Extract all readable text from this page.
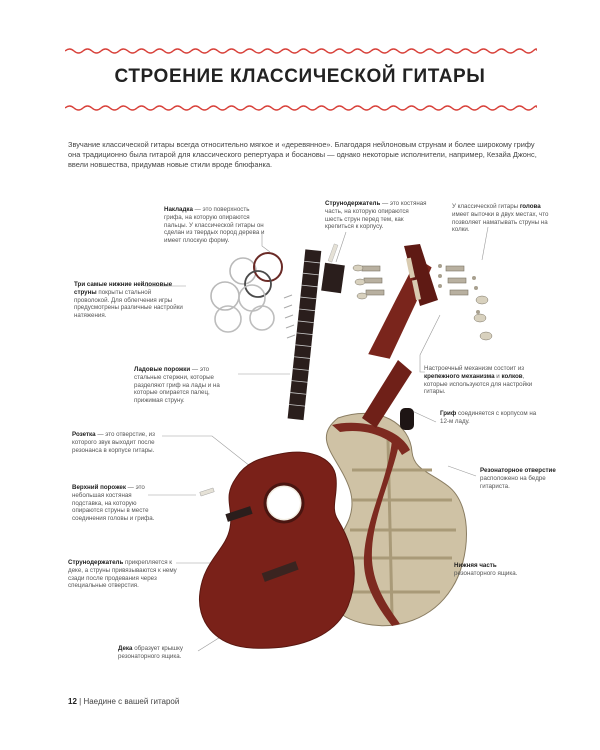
СТРОЕНИЕ КЛАССИЧЕСКОЙ ГИТАРЫ

Звучание классической гитары всегда относительно мягкое и «деревянное». Благодаря нейлоновым струнам и более широкому грифу она традиционно была гитарой для классического репертуара и босановы — однако некоторые исполнители, например, Кезайа Джонс, ввели новшества, придумав новые стили вроде блюфанка.

Накладка — это поверхность грифа, на которую опираются пальцы. У классической гитары он сделан из твердых пород дерева и имеет плоскую форму.

Струнодержатель — это костяная часть, на которую опираются шесть струн перед тем, как крепиться к корпусу.

У классической гитары голова имеет выточки в двух местах, что позволяет наматывать струны на колки.

Три самые нижние нейлоновые струны покрыты стальной проволокой. Для облегчения игры предусмотрены различные настройки натяжения.

Ладовые порожки — это стальные стержни, которые разделяют гриф на лады и на которые опирается палец, прижимая струну.

Настроечный механизм состоит из крепежного механизма и колков, которые используются для настройки гитары.

Розетка — это отверстие, из которого звук выходит после резонанса в корпусе гитары.

Гриф соединяется с корпусом на 12-м ладу.

Резонаторное отверстие расположено на бедре гитариста.

Верхний порожек — это небольшая костяная подставка, на которую опираются струны в месте соединения головы и грифа.

Струнодержатель прикрепляется к деке, а струны привязываются к нему сзади после продевания через специальные отверстия.

Нижняя часть резонаторного ящика.

Дека образует крышку резонаторного ящика.

12 | Наедине с вашей гитарой
